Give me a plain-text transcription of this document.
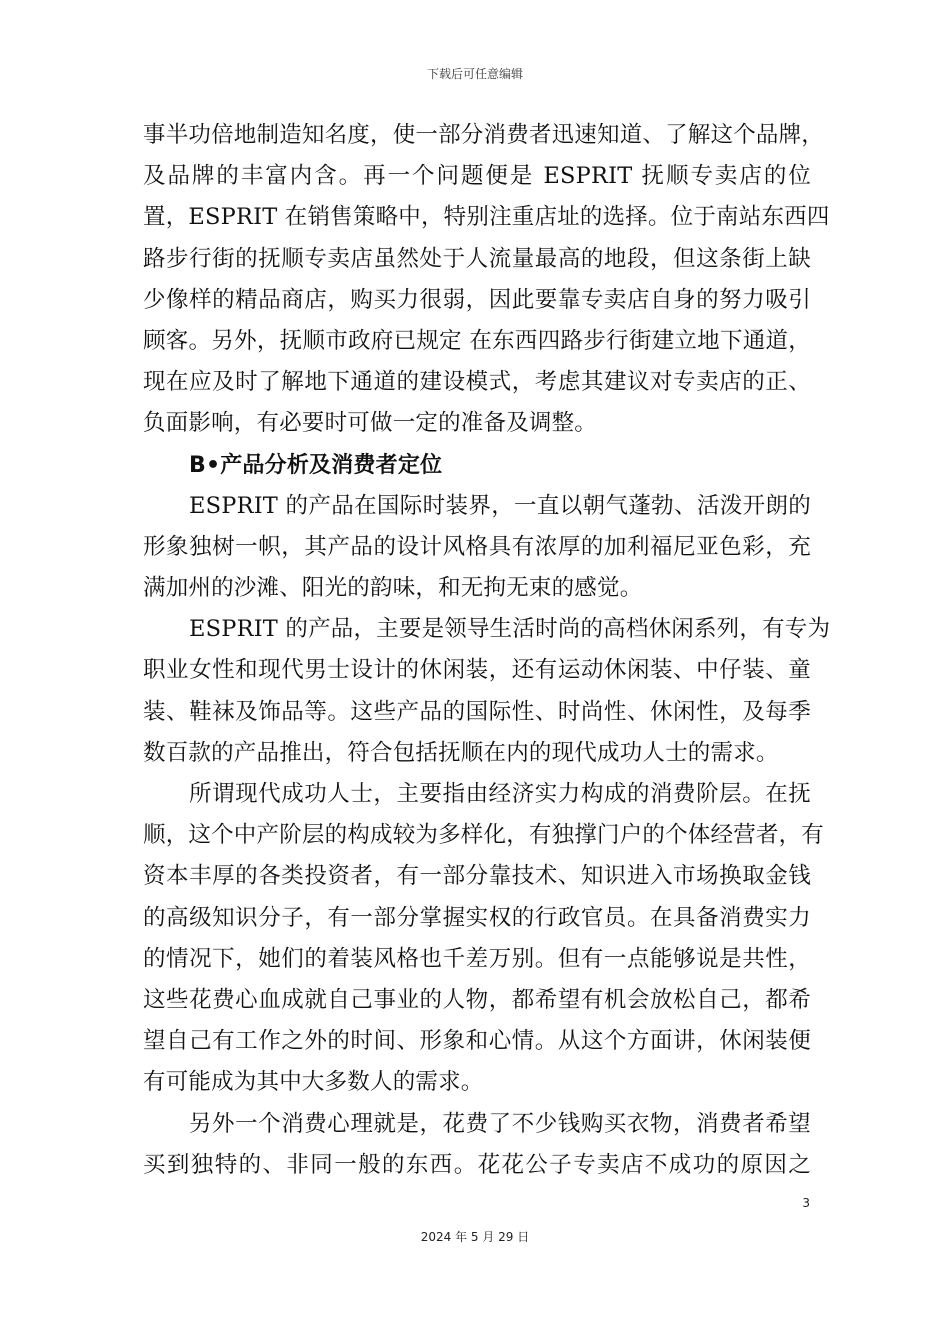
下载后可任意编辑
事半功倍地制造知名度，使一部分消费者迅速知道、了解这个品牌，
及品牌的丰富内含。再一个问题便是 ESPRIT 抚顺专卖店的位
置，ESPRIT 在销售策略中，特别注重店址的选择。位于南站东西四
路步行街的抚顺专卖店虽然处于人流量最高的地段，但这条街上缺
少像样的精品商店，购买力很弱，因此要靠专卖店自身的努力吸引
顾客。另外，抚顺市政府已规定 在东西四路步行街建立地下通道，
现在应及时了解地下通道的建设模式，考虑其建议对专卖店的正、
负面影响，有必要时可做一定的准备及调整。
B•产品分析及消费者定位
ESPRIT 的产品在国际时装界，一直以朝气蓬勃、活泼开朗的
形象独树一帜，其产品的设计风格具有浓厚的加利福尼亚色彩，充
满加州的沙滩、阳光的韵味，和无拘无束的感觉。
ESPRIT 的产品，主要是领导生活时尚的高档休闲系列，有专为
职业女性和现代男士设计的休闲装，还有运动休闲装、中仔装、童
装、鞋袜及饰品等。这些产品的国际性、时尚性、休闲性，及每季
数百款的产品推出，符合包括抚顺在内的现代成功人士的需求。
所谓现代成功人士，主要指由经济实力构成的消费阶层。在抚
顺，这个中产阶层的构成较为多样化，有独撑门户的个体经营者，有
资本丰厚的各类投资者，有一部分靠技术、知识进入市场换取金钱
的高级知识分子，有一部分掌握实权的行政官员。在具备消费实力
的情况下，她们的着装风格也千差万别。但有一点能够说是共性，
这些花费心血成就自己事业的人物，都希望有机会放松自己，都希
望自己有工作之外的时间、形象和心情。从这个方面讲，休闲装便
有可能成为其中大多数人的需求。
另外一个消费心理就是，花费了不少钱购买衣物，消费者希望
买到独特的、非同一般的东西。花花公子专卖店不成功的原因之
3
2024 年 5 月 29 日
